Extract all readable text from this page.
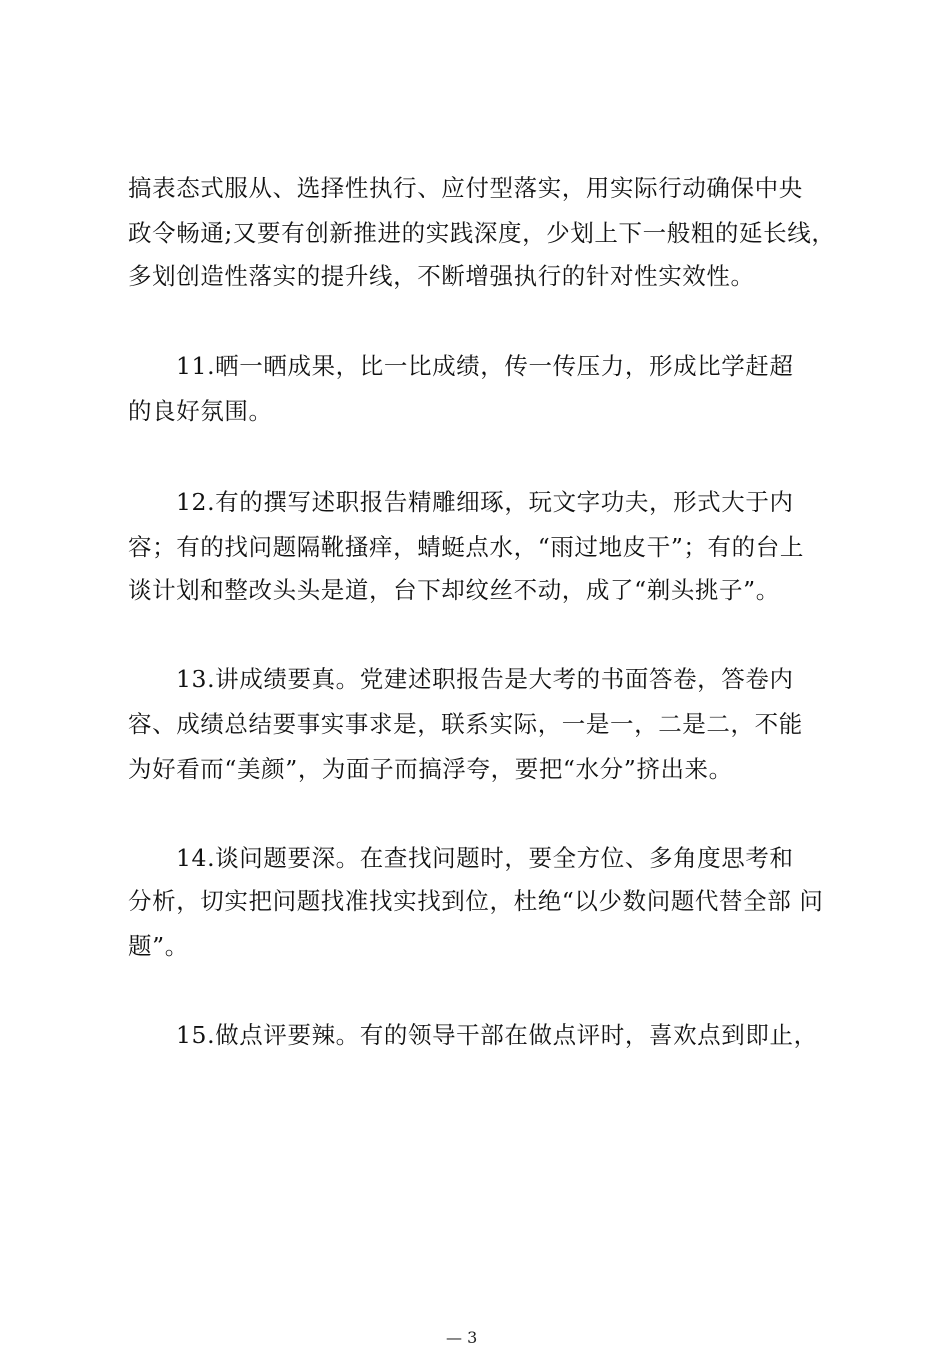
搞表态式服从、选择性执行、应付型落实，用实际行动确保中央
政令畅通;又要有创新推进的实践深度，少划上下一般粗的延长线，
多划创造性落实的提升线，不断增强执行的针对性实效性。
11.晒一晒成果，比一比成绩，传一传压力，形成比学赶超
的良好氛围。
12.有的撰写述职报告精雕细琢，玩文字功夫，形式大于内
容；有的找问题隔靴搔痒，蜻蜓点水，“雨过地皮干”；有的台上
谈计划和整改头头是道，台下却纹丝不动，成了“剃头挑子”。
13.讲成绩要真。党建述职报告是大考的书面答卷，答卷内
容、成绩总结要事实事求是，联系实际，一是一，二是二，不能
为好看而“美颜”，为面子而搞浮夸，要把“水分”挤出来。
14.谈问题要深。在查找问题时，要全方位、多角度思考和
分析，切实把问题找准找实找到位，杜绝“以少数问题代替全部 问
题”。
15.做点评要辣。有的领导干部在做点评时，喜欢点到即止，
— 3
